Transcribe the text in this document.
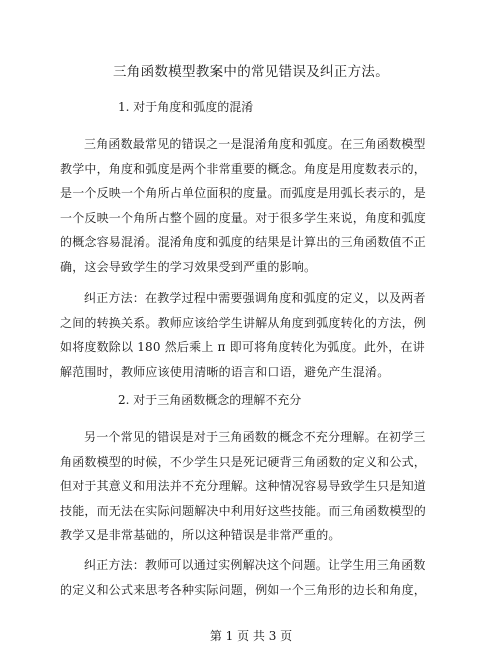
三角函数模型教案中的常见错误及纠正方法。
1. 对于角度和弧度的混淆
三角函数最常见的错误之一是混淆角度和弧度。在三角函数模型
教学中，角度和弧度是两个非常重要的概念。角度是用度数表示的，
是一个反映一个角所占单位面积的度量。而弧度是用弧长表示的，是
一个反映一个角所占整个圆的度量。对于很多学生来说，角度和弧度
的概念容易混淆。混淆角度和弧度的结果是计算出的三角函数值不正
确，这会导致学生的学习效果受到严重的影响。
纠正方法：在教学过程中需要强调角度和弧度的定义，以及两者
之间的转换关系。教师应该给学生讲解从角度到弧度转化的方法，例
如将度数除以 180 然后乘上 π 即可将角度转化为弧度。此外，在讲
解范围时，教师应该使用清晰的语言和口语，避免产生混淆。
2. 对于三角函数概念的理解不充分
另一个常见的错误是对于三角函数的概念不充分理解。在初学三
角函数模型的时候，不少学生只是死记硬背三角函数的定义和公式，
但对于其意义和用法并不充分理解。这种情况容易导致学生只是知道
技能，而无法在实际问题解决中利用好这些技能。而三角函数模型的
教学又是非常基础的，所以这种错误是非常严重的。
纠正方法：教师可以通过实例解决这个问题。让学生用三角函数
的定义和公式来思考各种实际问题，例如一个三角形的边长和角度，
第 1 页 共 3 页
